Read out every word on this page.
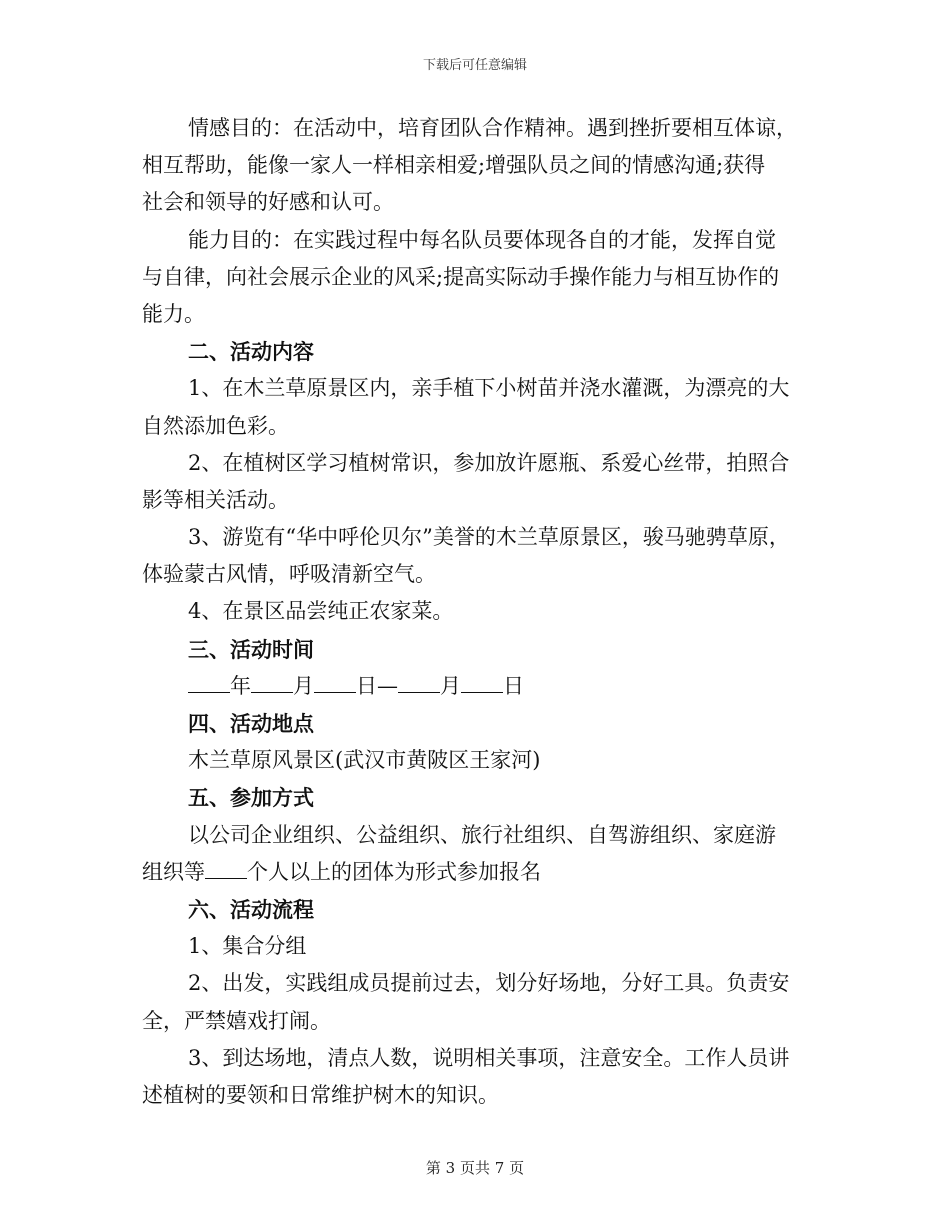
下载后可任意编辑
情感目的：在活动中，培育团队合作精神。遇到挫折要相互体谅，
相互帮助，能像一家人一样相亲相爱;增强队员之间的情感沟通;获得
社会和领导的好感和认可。
能力目的：在实践过程中每名队员要体现各自的才能，发挥自觉
与自律，向社会展示企业的风采;提高实际动手操作能力与相互协作的
能力。
二、活动内容
1、在木兰草原景区内，亲手植下小树苗并浇水灌溉，为漂亮的大
自然添加色彩。
2、在植树区学习植树常识，参加放许愿瓶、系爱心丝带，拍照合
影等相关活动。
3、游览有“华中呼伦贝尔”美誉的木兰草原景区，骏马驰骋草原，
体验蒙古风情，呼吸清新空气。
4、在景区品尝纯正农家菜。
三、活动时间
年 月 日— 月 日
四、活动地点
木兰草原风景区(武汉市黄陂区王家河)
五、参加方式
以公司企业组织、公益组织、旅行社组织、自驾游组织、家庭游
组织等 个人以上的团体为形式参加报名
六、活动流程
1、集合分组
2、出发，实践组成员提前过去，划分好场地，分好工具。负责安
全，严禁嬉戏打闹。
3、到达场地，清点人数，说明相关事项，注意安全。工作人员讲
述植树的要领和日常维护树木的知识。
第 3 页共 7 页
